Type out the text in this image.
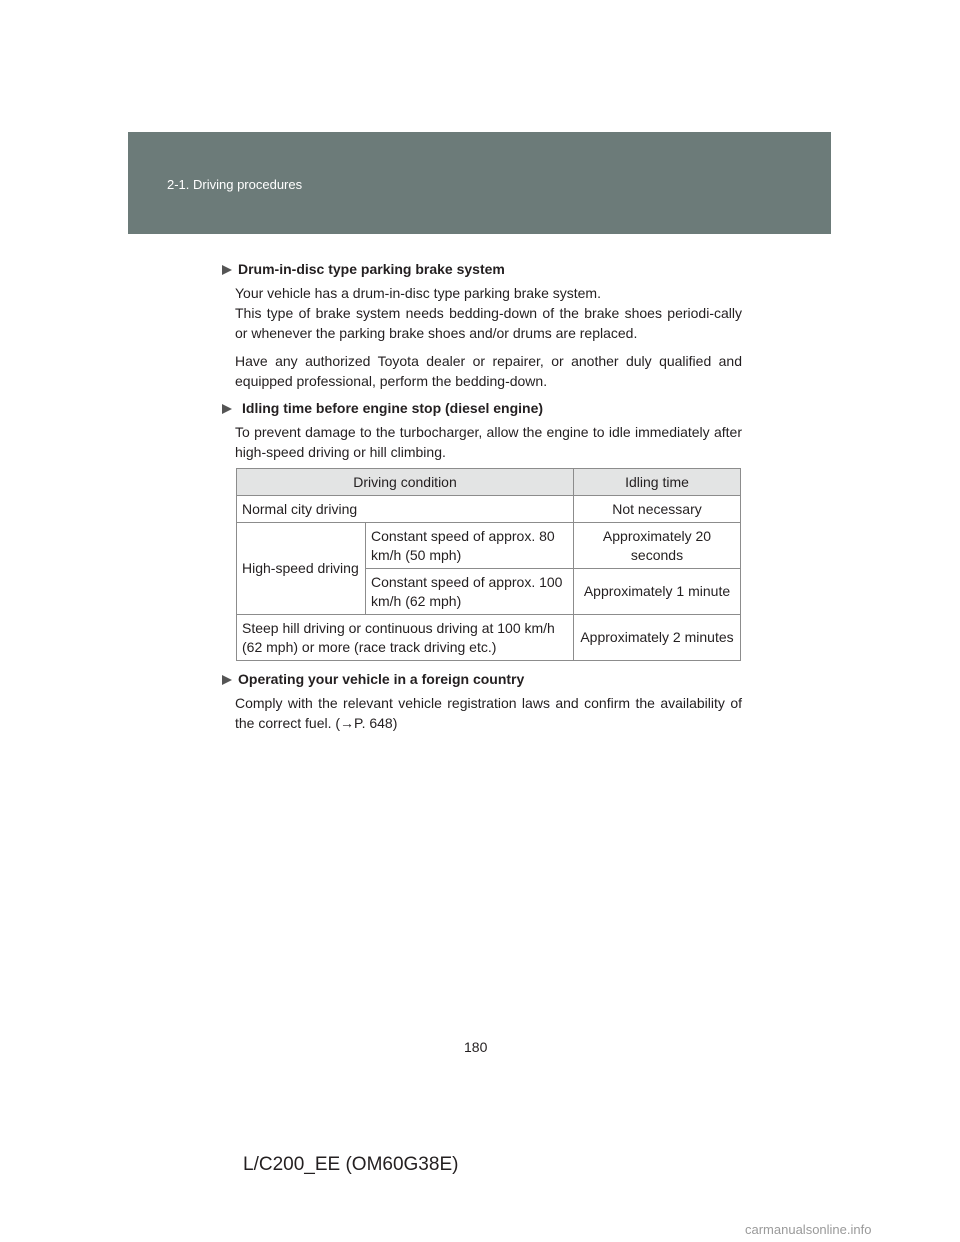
2-1. Driving procedures

Drum-in-disc type parking brake system

Your vehicle has a drum-in-disc type parking brake system.

This type of brake system needs bedding-down of the brake shoes periodi-cally or whenever the parking brake shoes and/or drums are replaced.

Have any authorized Toyota dealer or repairer, or another duly qualified and equipped professional, perform the bedding-down.

Idling time before engine stop (diesel engine)

To prevent damage to the turbocharger, allow the engine to idle immediately after high-speed driving or hill climbing.

Driving condition		Idling time
Normal city driving		Not necessary
High-speed driving	Constant speed of approx. 80 km/h (50 mph)	Approximately 20 seconds
	Constant speed of approx. 100 km/h (62 mph)	Approximately 1 minute
Steep hill driving or continuous driving at 100 km/h (62 mph) or more (race track driving etc.)		Approximately 2 minutes

Operating your vehicle in a foreign country

Comply with the relevant vehicle registration laws and confirm the availability of the correct fuel. (→P. 648)

180
L/C200_EE (OM60G38E)
carmanualsonline.info
